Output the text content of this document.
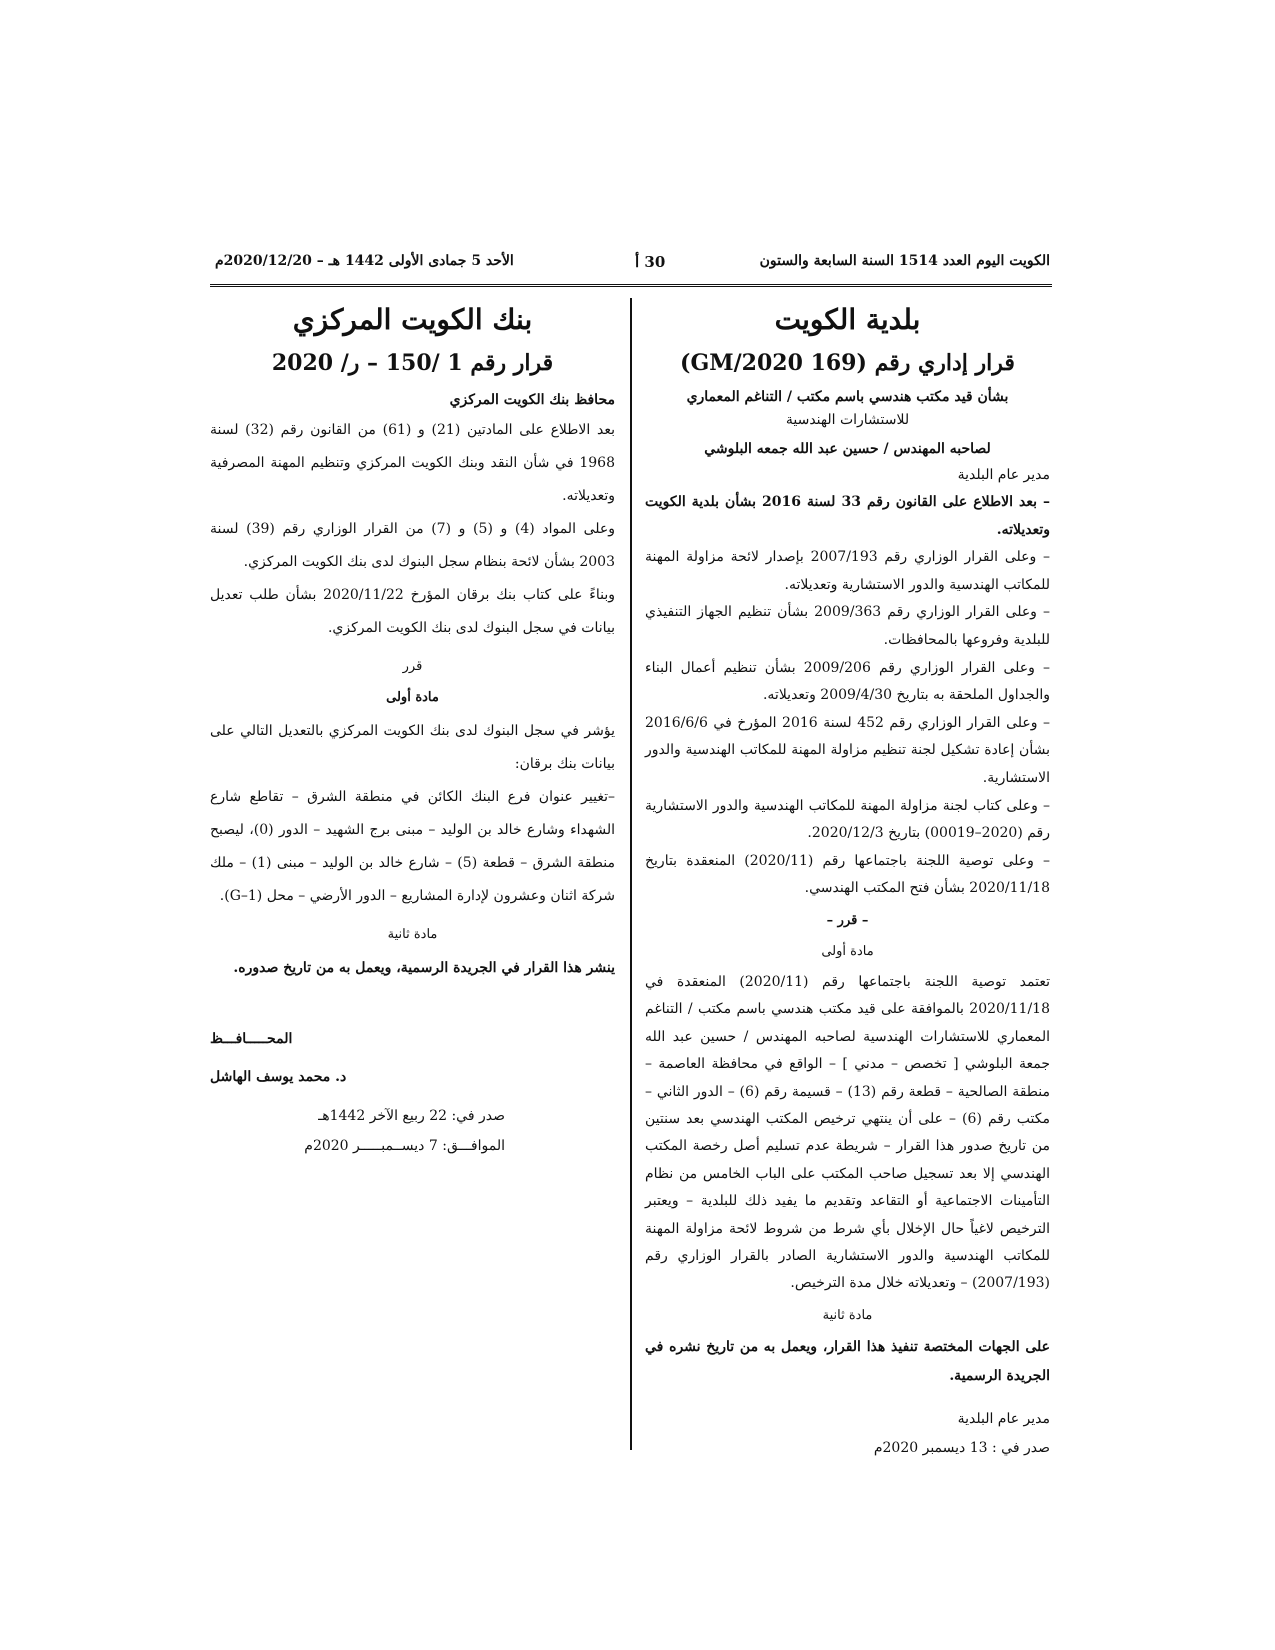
الكويت اليوم العدد 1514 السنة السابعة والستون
30 أ
الأحد 5 جمادى الأولى 1442 هـ – 2020/12/20م
بلدية الكويت
قرار إداري رقم (169 2020/GM)
بشأن قيد مكتب هندسي باسم مكتب / التناغم المعماري
للاستشارات الهندسية
لصاحبه المهندس / حسين عبد الله جمعه البلوشي

مدير عام البلدية

– بعد الاطلاع على القانون رقم 33 لسنة 2016 بشأن بلدية الكويت وتعديلاته.

– وعلى القرار الوزاري رقم 2007/193 بإصدار لائحة مزاولة المهنة للمكاتب الهندسية والدور الاستشارية وتعديلاته.

– وعلى القرار الوزاري رقم 2009/363 بشأن تنظيم الجهاز التنفيذي للبلدية وفروعها بالمحافظات.

– وعلى القرار الوزاري رقم 2009/206 بشأن تنظيم أعمال البناء والجداول الملحقة به بتاريخ 2009/4/30 وتعديلاته.

– وعلى القرار الوزاري رقم 452 لسنة 2016 المؤرخ في 2016/6/6 بشأن إعادة تشكيل لجنة تنظيم مزاولة المهنة للمكاتب الهندسية والدور الاستشارية.

– وعلى كتاب لجنة مزاولة المهنة للمكاتب الهندسية والدور الاستشارية رقم (2020–00019) بتاريخ 2020/12/3.

– وعلى توصية اللجنة باجتماعها رقم (2020/11) المنعقدة بتاريخ 2020/11/18 بشأن فتح المكتب الهندسي.

– قرر –
مادة أولى

تعتمد توصية اللجنة باجتماعها رقم (2020/11) المنعقدة في 2020/11/18 بالموافقة على قيد مكتب هندسي باسم مكتب / التناغم المعماري للاستشارات الهندسية لصاحبه المهندس / حسين عبد الله جمعة البلوشي [ تخصص – مدني ] – الواقع في محافظة العاصمة – منطقة الصالحية – قطعة رقم (13) – قسيمة رقم (6) – الدور الثاني – مكتب رقم (6) – على أن ينتهي ترخيص المكتب الهندسي بعد سنتين من تاريخ صدور هذا القرار – شريطة عدم تسليم أصل رخصة المكتب الهندسي إلا بعد تسجيل صاحب المكتب على الباب الخامس من نظام التأمينات الاجتماعية أو التقاعد وتقديم ما يفيد ذلك للبلدية – ويعتبر الترخيص لاغياً حال الإخلال بأي شرط من شروط لائحة مزاولة المهنة للمكاتب الهندسية والدور الاستشارية الصادر بالقرار الوزاري رقم (2007/193) – وتعديلاته خلال مدة الترخيص.

مادة ثانية

على الجهات المختصة تنفيذ هذا القرار، ويعمل به من تاريخ نشره في الجريدة الرسمية.

مدير عام البلدية

صدر في : 13 ديسمبر 2020م

بنك الكويت المركزي
قرار رقم 1 /150 – ر/ 2020

محافظ بنك الكويت المركزي

بعد الاطلاع على المادتين (21) و (61) من القانون رقم (32) لسنة 1968 في شأن النقد وبنك الكويت المركزي وتنظيم المهنة المصرفية وتعديلاته.

وعلى المواد (4) و (5) و (7) من القرار الوزاري رقم (39) لسنة 2003 بشأن لائحة بنظام سجل البنوك لدى بنك الكويت المركزي.

وبناءً على كتاب بنك برقان المؤرخ 2020/11/22 بشأن طلب تعديل بيانات في سجل البنوك لدى بنك الكويت المركزي.

قرر
مادة أولى

يؤشر في سجل البنوك لدى بنك الكويت المركزي بالتعديل التالي على بيانات بنك برقان:

–تغيير عنوان فرع البنك الكائن في منطقة الشرق – تقاطع شارع الشهداء وشارع خالد بن الوليد – مبنى برج الشهيد – الدور (0)، ليصبح منطقة الشرق – قطعة (5) – شارع خالد بن الوليد – مبنى (1) – ملك شركة اثنان وعشرون لإدارة المشاريع – الدور الأرضي – محل (G–1).

مادة ثانية

ينشر هذا القرار في الجريدة الرسمية، ويعمل به من تاريخ صدوره.

المحـــــافـــظ

د. محمد يوسف الهاشل

صدر في: 22 ربيع الآخر 1442هـ

الموافـــق: 7 ديســمبـــــر 2020م
